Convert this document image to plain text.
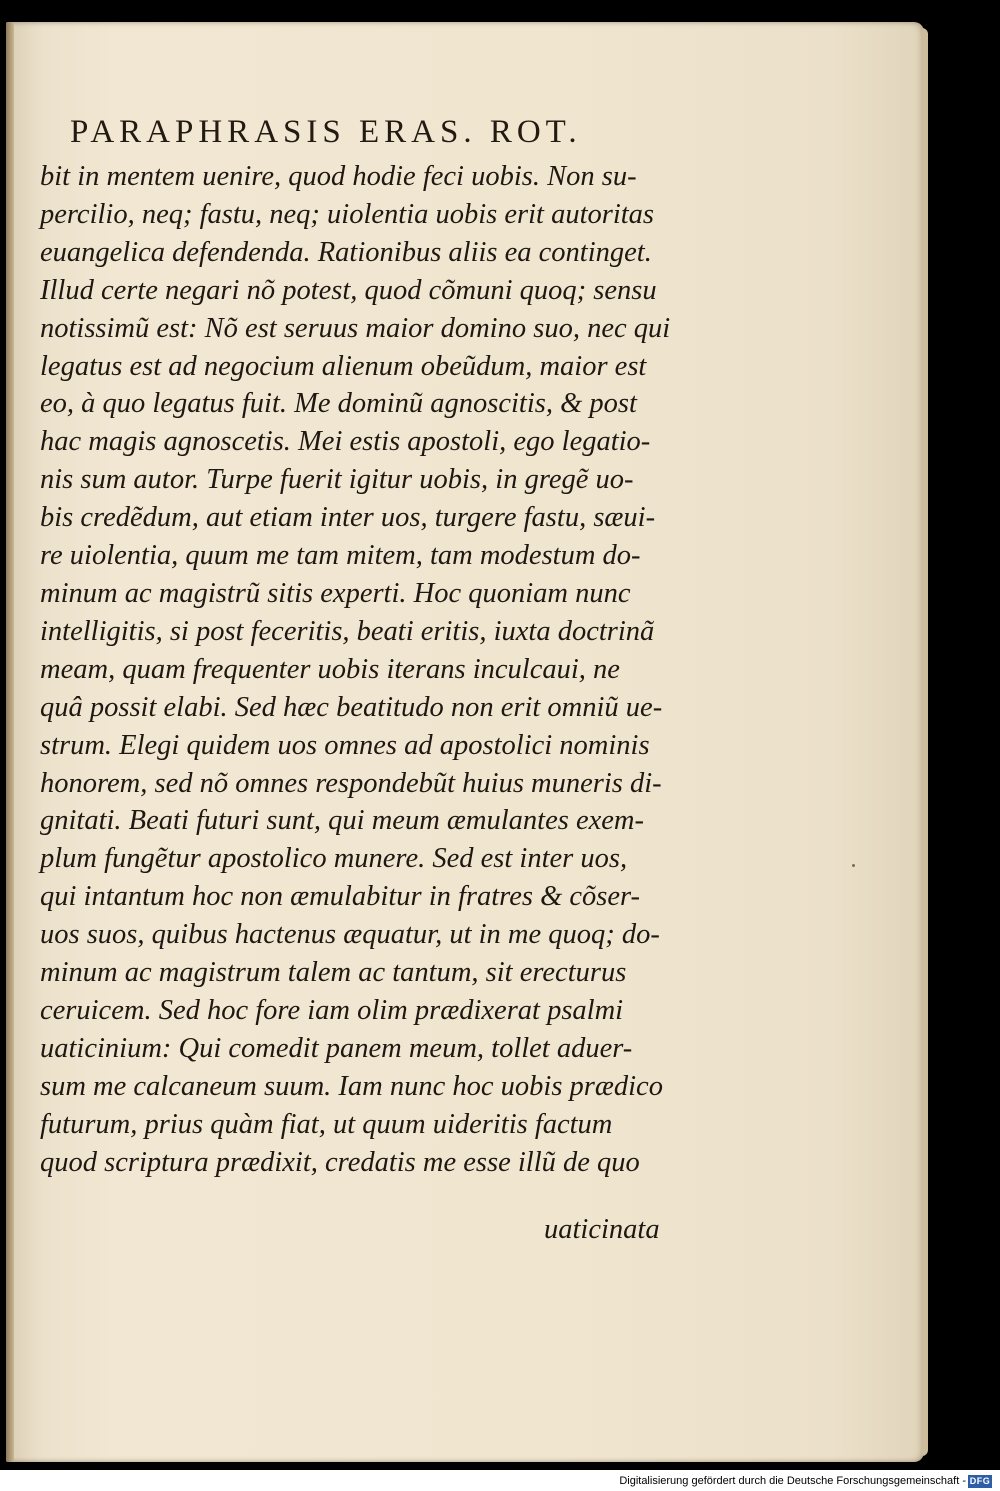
PARAPHRASIS ERAS. ROT.
bit in mentem uenire, quod hodie feci uobis. Non su-
percilio, neq; fastu, neq; uiolentia uobis erit autoritas
euangelica defendenda. Rationibus aliis ea continget.
Illud certe negari nõ potest, quod cõmuni quoq; sensu
notissimũ est: Nõ est seruus maior domino suo, nec qui
legatus est ad negocium alienum obeũdum, maior est
eo, à quo legatus fuit. Me dominũ agnoscitis, & post
hac magis agnoscetis. Mei estis apostoli, ego legatio-
nis sum autor. Turpe fuerit igitur uobis, in gregẽ uo-
bis credẽdum, aut etiam inter uos, turgere fastu, sæui-
re uiolentia, quum me tam mitem, tam modestum do-
minum ac magistrũ sitis experti. Hoc quoniam nunc
intelligitis, si post feceritis, beati eritis, iuxta doctrinã
meam, quam frequenter uobis iterans inculcaui, ne
quâ possit elabi. Sed hæc beatitudo non erit omniũ ue-
strum. Elegi quidem uos omnes ad apostolici nominis
honorem, sed nõ omnes respondebũt huius muneris di-
gnitati. Beati futuri sunt, qui meum æmulantes exem-
plum fungẽtur apostolico munere. Sed est inter uos,
qui intantum hoc non æmulabitur in fratres & cõser-
uos suos, quibus hactenus æquatur, ut in me quoq; do-
minum ac magistrum talem ac tantum, sit erecturus
ceruicem. Sed hoc fore iam olim prædixerat psalmi
uaticinium: Qui comedit panem meum, tollet aduer-
sum me calcaneum suum. Iam nunc hoc uobis prædico
futurum, prius quàm fiat, ut quum uideritis factum
quod scriptura prædixit, credatis me esse illũ de quo
uaticinata
Digitalisierung gefördert durch die Deutsche Forschungsgemeinschaft - DFG
